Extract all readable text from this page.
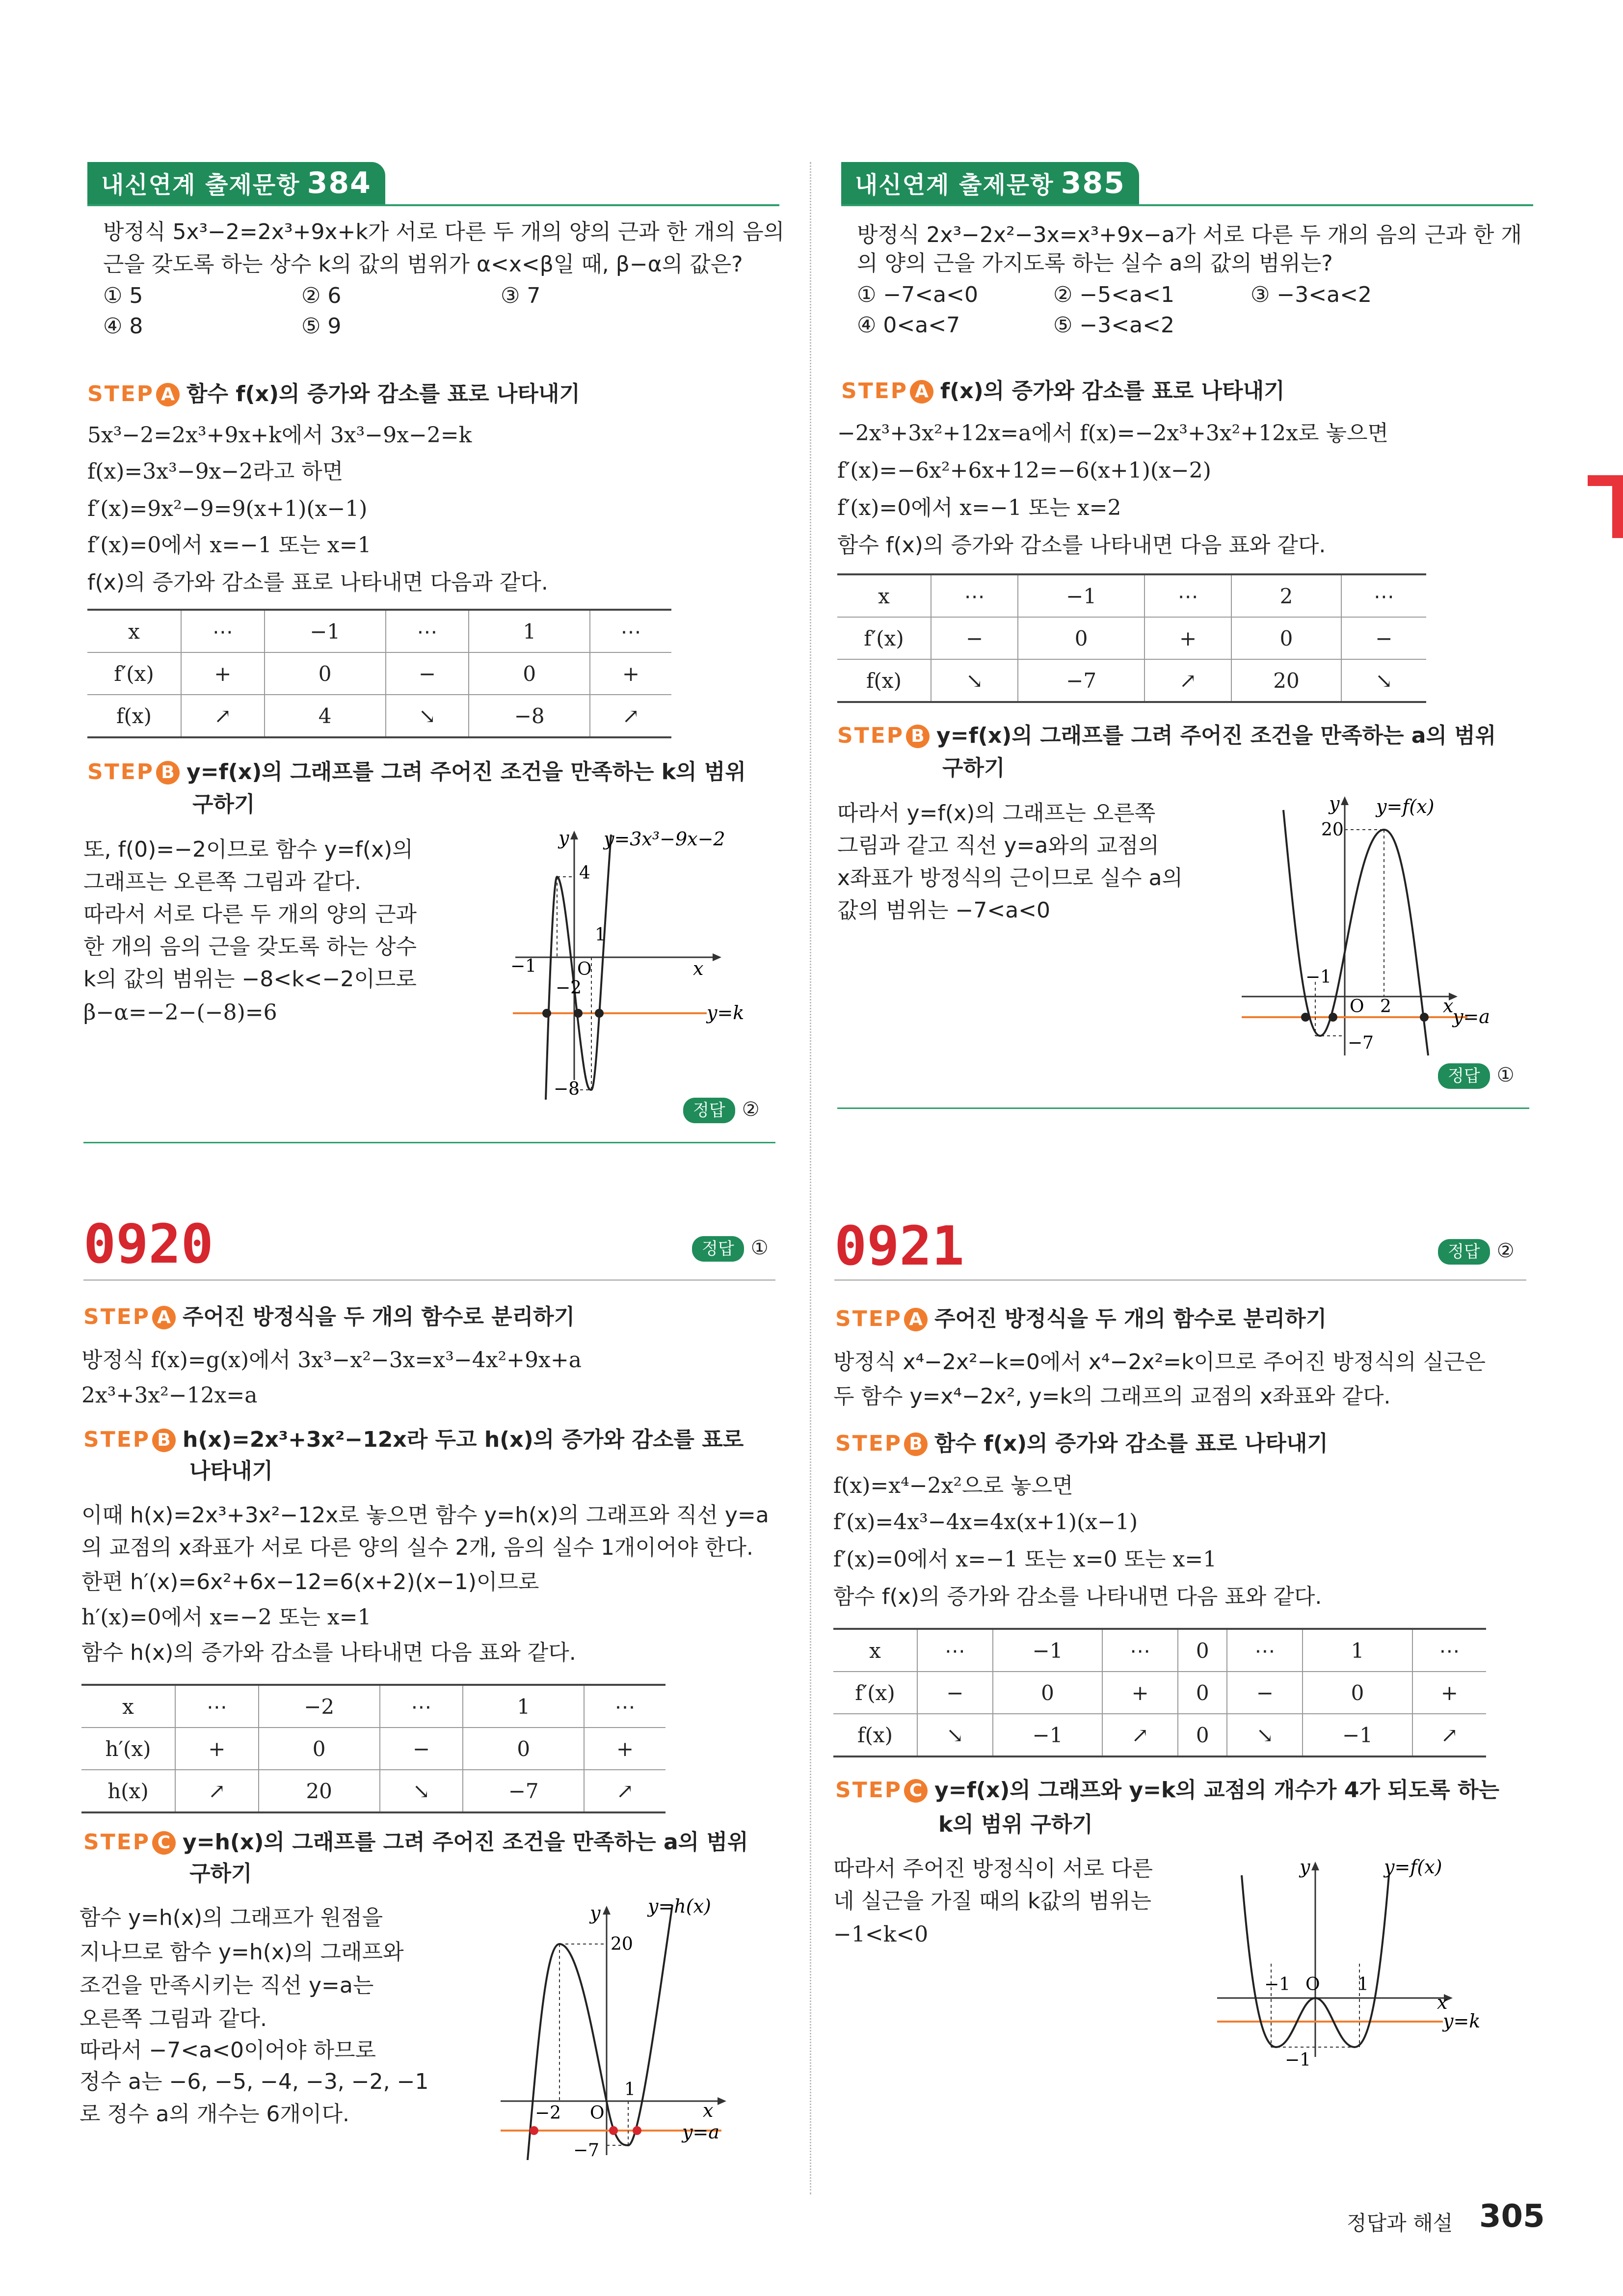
내신연계 출제문항 384
방정식 5x³−2=2x³+9x+k가 서로 다른 두 개의 양의 근과 한 개의 음의
근을 갖도록 하는 상수 k의 값의 범위가 α<x<β일 때, β−α의 값은?
① 5	② 6	③ 7
④ 8	⑤ 9
STEP A 함수 f(x)의 증가와 감소를 표로 나타내기
5x³−2=2x³+9x+k에서 3x³−9x−2=k
f(x)=3x³−9x−2라고 하면
f′(x)=9x²−9=9(x+1)(x−1)
f′(x)=0에서 x=−1 또는 x=1
f(x)의 증가와 감소를 표로 나타내면 다음과 같다.
x	⋯	−1	⋯	1	⋯
f′(x)	+	0	−	0	+
f(x)	↗	4	↘	−8	↗
STEP B y=f(x)의 그래프를 그려 주어진 조건을 만족하는 k의 범위
구하기
또, f(0)=−2이므로 함수 y=f(x)의
그래프는 오른쪽 그림과 같다.
따라서 서로 다른 두 개의 양의 근과
한 개의 음의 근을 갖도록 하는 상수
k의 값의 범위는 −8<k<−2이므로
β−α=−2−(−8)=6
y y=3x³−9x−2
4
1
−1 O
−2
−8
x
y=k
정답 ②
내신연계 출제문항 385
방정식 2x³−2x²−3x=x³+9x−a가 서로 다른 두 개의 음의 근과 한 개
의 양의 근을 가지도록 하는 실수 a의 값의 범위는?
① −7<a<0	② −5<a<1	③ −3<a<2
④ 0<a<7	⑤ −3<a<2
STEP A f(x)의 증가와 감소를 표로 나타내기
−2x³+3x²+12x=a에서 f(x)=−2x³+3x²+12x로 놓으면
f′(x)=−6x²+6x+12=−6(x+1)(x−2)
f′(x)=0에서 x=−1 또는 x=2
함수 f(x)의 증가와 감소를 나타내면 다음 표와 같다.
x	⋯	−1	⋯	2	⋯
f′(x)	−	0	+	0	−
f(x)	↘	−7	↗	20	↘
STEP B y=f(x)의 그래프를 그려 주어진 조건을 만족하는 a의 범위
구하기
따라서 y=f(x)의 그래프는 오른쪽
그림과 같고 직선 y=a와의 교점의
x좌표가 방정식의 근이므로 실수 a의
값의 범위는 −7<a<0
y y=f(x)
20
−1
O 2	x
y=a
−7
정답 ①
0920	정답 ①
STEP A 주어진 방정식을 두 개의 함수로 분리하기
방정식 f(x)=g(x)에서 3x³−x²−3x=x³−4x²+9x+a
2x³+3x²−12x=a
STEP B h(x)=2x³+3x²−12x라 두고 h(x)의 증가와 감소를 표로
나타내기
이때 h(x)=2x³+3x²−12x로 놓으면 함수 y=h(x)의 그래프와 직선 y=a
의 교점의 x좌표가 서로 다른 양의 실수 2개, 음의 실수 1개이어야 한다.
한편 h′(x)=6x²+6x−12=6(x+2)(x−1)이므로
h′(x)=0에서 x=−2 또는 x=1
함수 h(x)의 증가와 감소를 나타내면 다음 표와 같다.
x	⋯	−2	⋯	1	⋯
h′(x)	+	0	−	0	+
h(x)	↗	20	↘	−7	↗
STEP C y=h(x)의 그래프를 그려 주어진 조건을 만족하는 a의 범위
구하기
함수 y=h(x)의 그래프가 원점을
지나므로 함수 y=h(x)의 그래프와
조건을 만족시키는 직선 y=a는
오른쪽 그림과 같다.
따라서 −7<a<0이어야 하므로
정수 a는 −6, −5, −4, −3, −2, −1
로 정수 a의 개수는 6개이다.
y	y=h(x)
20
1
−2 O	x
y=a
−7
0921	정답 ②
STEP A 주어진 방정식을 두 개의 함수로 분리하기
방정식 x⁴−2x²−k=0에서 x⁴−2x²=k이므로 주어진 방정식의 실근은
두 함수 y=x⁴−2x², y=k의 그래프의 교점의 x좌표와 같다.
STEP B 함수 f(x)의 증가와 감소를 표로 나타내기
f(x)=x⁴−2x²으로 놓으면
f′(x)=4x³−4x=4x(x+1)(x−1)
f′(x)=0에서 x=−1 또는 x=0 또는 x=1
함수 f(x)의 증가와 감소를 나타내면 다음 표와 같다.
x	⋯	−1	⋯	0	⋯	1	⋯
f′(x)	−	0	+	0	−	0	+
f(x)	↘	−1	↗	0	↘	−1	↗
STEP C y=f(x)의 그래프와 y=k의 교점의 개수가 4가 되도록 하는
k의 범위 구하기
따라서 주어진 방정식이 서로 다른
네 실근을 가질 때의 k값의 범위는
−1<k<0
y	y=f(x)
−1 O 1
x
y=k
−1
정답과 해설 305
